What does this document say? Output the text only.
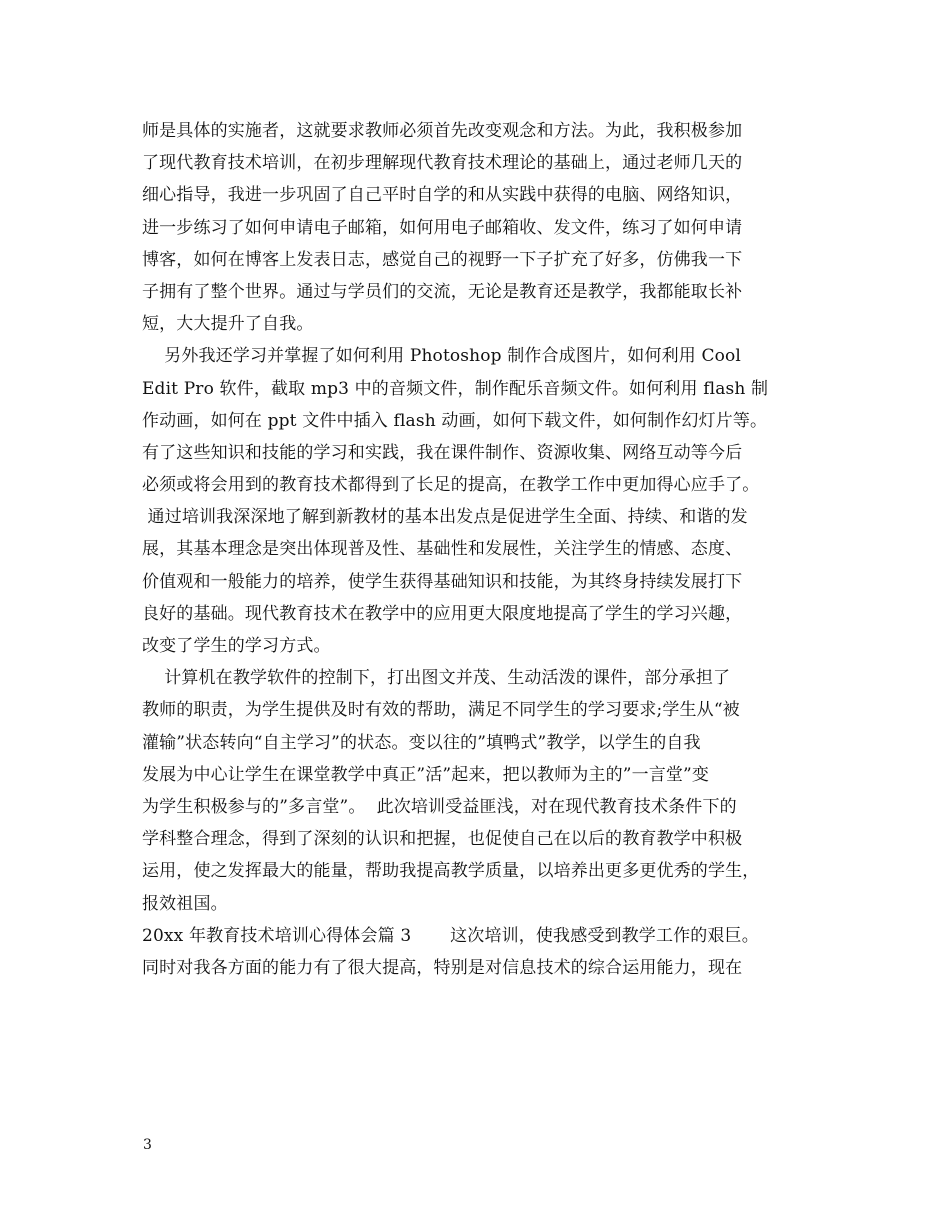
师是具体的实施者，这就要求教师必须首先改变观念和方法。为此，我积极参加
了现代教育技术培训，在初步理解现代教育技术理论的基础上，通过老师几天的
细心指导，我进一步巩固了自己平时自学的和从实践中获得的电脑、网络知识，
进一步练习了如何申请电子邮箱，如何用电子邮箱收、发文件，练习了如何申请
博客，如何在博客上发表日志，感觉自己的视野一下子扩充了好多，仿佛我一下
子拥有了整个世界。通过与学员们的交流，无论是教育还是教学，我都能取长补
短，大大提升了自我。
另外我还学习并掌握了如何利用 Photoshop 制作合成图片，如何利用 Cool
Edit Pro 软件，截取 mp3 中的音频文件，制作配乐音频文件。如何利用 flash 制
作动画，如何在 ppt 文件中插入 flash 动画，如何下载文件，如何制作幻灯片等。
有了这些知识和技能的学习和实践，我在课件制作、资源收集、网络互动等今后
必须或将会用到的教育技术都得到了长足的提高，在教学工作中更加得心应手了。
通过培训我深深地了解到新教材的基本出发点是促进学生全面、持续、和谐的发
展，其基本理念是突出体现普及性、基础性和发展性，关注学生的情感、态度、
价值观和一般能力的培养，使学生获得基础知识和技能，为其终身持续发展打下
良好的基础。现代教育技术在教学中的应用更大限度地提高了学生的学习兴趣，
改变了学生的学习方式。
计算机在教学软件的控制下，打出图文并茂、生动活泼的课件，部分承担了
教师的职责，为学生提供及时有效的帮助，满足不同学生的学习要求;学生从“被
灌输”状态转向“自主学习”的状态。变以往的”填鸭式”教学，以学生的自我
发展为中心让学生在课堂教学中真正”活”起来，把以教师为主的”一言堂”变
为学生积极参与的”多言堂”。  此次培训受益匪浅，对在现代教育技术条件下的
学科整合理念，得到了深刻的认识和把握，也促使自己在以后的教育教学中积极
运用，使之发挥最大的能量，帮助我提高教学质量，以培养出更多更优秀的学生，
报效祖国。
20xx 年教育技术培训心得体会篇 3       这次培训，使我感受到教学工作的艰巨。
同时对我各方面的能力有了很大提高，特别是对信息技术的综合运用能力，现在
3
